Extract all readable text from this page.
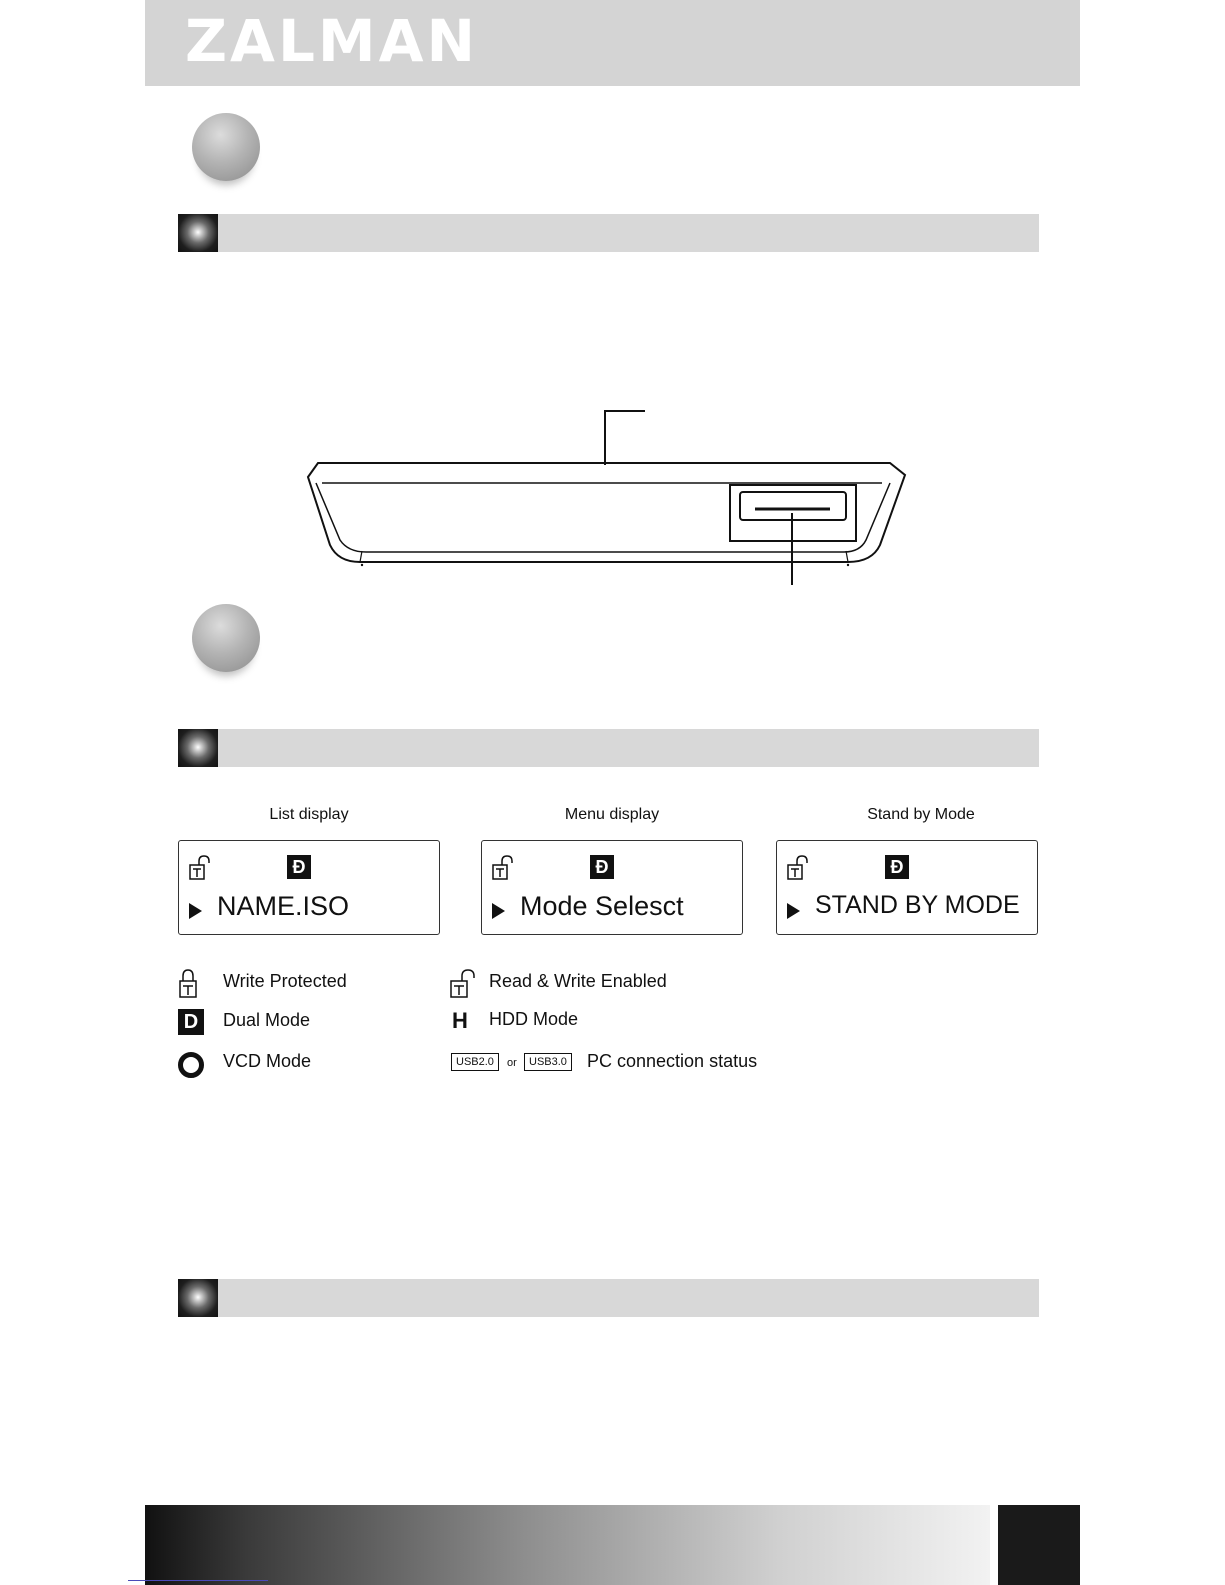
ZALMAN
List display	Menu display	Stand by Mode
Ð
NAME.ISO
Ð
Mode Selesct
Ð
STAND BY MODE
Write Protected	Read & Write Enabled
D	Dual Mode	H HDD Mode
VCD Mode	USB2.0	or	USB3.0 PC connection status
